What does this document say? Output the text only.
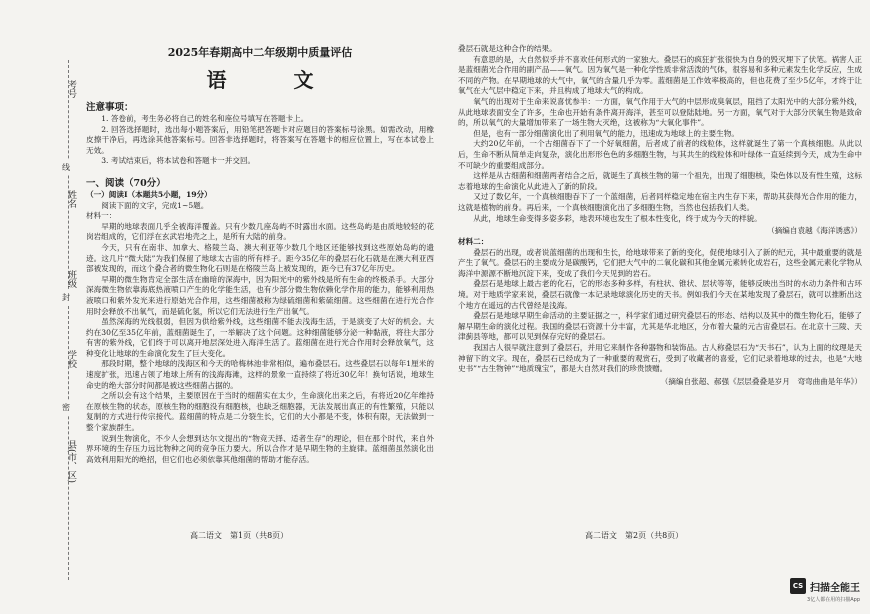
考号
姓名
班级
学校
县(市、区)
线
封
密

2025年春期高中二年级期中质量评估

语 文

注意事项：

1. 答卷前，考生务必将自己的姓名和座位号填写在答题卡上。

2. 回答选择题时，选出每小题答案后，用铅笔把答题卡对应题目的答案标号涂黑。如需改动，用橡皮擦干净后，再选涂其他答案标号。回答非选择题时，将答案写在答题卡的相应位置上，写在本试卷上无效。

3. 考试结束后，将本试卷和答题卡一并交回。

一、阅读（70分）

（一）阅读Ⅰ（本题共5小题，19分）

阅读下面的文字，完成1~5题。

材料一：

早期的地球表面几乎全被海洋覆盖。只有少数几座岛屿不时露出水面。这些岛屿是由质地较轻的花岗岩组成的，它们浮在玄武岩地壳之上，是所有大陆的前身。

今天，只有在南非、加拿大、格陵兰岛、澳大利亚等少数几个地区还能够找到这些原始岛屿的遗迹。这几片“微大陆”为我们保留了地球太古宙的所有样子。距今35亿年的叠层石化石就是在澳大利亚西部被发现的，而这个叠合者的微生物化石则是在格陵兰岛上被发现的，距今已有37亿年历史。

早期的微生物肯定全部生活在幽暗的深海中，因为阳光中的紫外线是所有生命的终极杀手。大部分深海微生物依靠海底热液喷口产生的化学能生活，也有少部分微生物依赖化学作用的能力，能够利用热液喷口和紫外发光来进行原始光合作用，这些细菌被称为绿硫细菌和紫硫细菌。这些细菌在进行光合作用时会释放不出氧气，而是硫化氢，所以它们无法进行生产出氧气。

虽然深海的光线很弱，但因为供给紫外线，这些细菌不能去浅海生活，于是演变了大好的机会。大约在30亿至35亿年前，蓝细菌诞生了，一举解决了这个问题。这种细菌能够分泌一种黏液，将往大部分有害的紫外线，它们终于可以离开地层深处进入海洋生活了。蓝细菌在进行光合作用时会释放氧气，这种变化让地球的生命演化发生了巨大变化。

那段时期，整个地球的浅海区和今天的哈梅林池非常相似，遍布叠层石。这些叠层石以每年1厘米的速度扩张，迅速占领了地球上所有的浅海海滩，这样的景象一直持续了将近30亿年！换句话说，地球生命史的绝大部分时间都是被这些细菌占据的。

之所以会有这个结果，主要原因在于当时的细菌实在太少，生命演化出来之后，有将近20亿年维持在原核生物的状态，原核生物的细胞没有细胞核，也缺乏细胞器，无法发展出真正的有性繁殖，只能以复制的方式进行传宗接代。蓝细菌的特点是二分裂生长，它们的大小都是不变，体积有限，无法做到一整个家族群生。

说到生物演化，不少人会想到达尔文提出的“物竞天择、适者生存”的理论，但在那个时代，来自外界环境的生存压力远比物种之间的竞争压力要大。所以合作才是早期生物的主旋律。蓝细菌虽然演化出高效利用阳光的绝招，但它们也必须依靠其他细菌的帮助才能存活。

高二语文　第1页（共8页）

叠层石就是这种合作的结果。

有意思的是，大自然似乎并不喜欢任何形式的一家独大。叠层石的疯狂扩张很快为自身的毁灭埋下了伏笔。祸害人正是蓝细菌光合作用的副产品——氧气。因为氧气是一种化学性质非常活泼的气体，很容易和多种元素发生化学反应，生成不同的产物。在早期地球的大气中，氧气的含量几乎为零。蓝细菌是工作效率极高的，但也花费了至少5亿年，才终于让氧气在大气层中稳定下来，并且构成了地球大气的构成。

氧气的出现对于生命来说喜忧参半：一方面，氧气作用于大气的中层形成臭氧层，阻挡了太阳光中的大部分紫外线，从此地球表面安全了许多，生命也开始有条件离开海洋，甚至可以登陆陆地。另一方面，氧气对于大部分厌氧生物是致命的，所以氧气的大量增加带来了一场生物大灭绝，这被称为“大氧化事件”。

但是，也有一部分细菌演化出了利用氧气的能力，迅速成为地球上的主要生物。

大约20亿年前，一个古细菌吞下了一个好氧细菌，后者成了前者的线粒体，这样就诞生了第一个真核细胞。从此以后，生命不断从简单走向复杂，演化出形形色色的多细胞生物，与其共生的线粒体和叶绿体一直延续到今天，成为生命中不可缺少的重要组成部分。

这样是从古细菌和细菌两者结合之后，就诞生了真核生物的第一个祖先，出现了细胞核，染色体以及有性生殖，这标志着地球的生命演化从此进入了新的阶段。

又过了数亿年，一个真核细胞吞下了一个蓝细菌，后者同样稳定地在宿主内生存下来，帮助其获得光合作用的能力，这就是植物的前身。再后来，一个真核细胞演化出了多细胞生物，当然也包括我们人类。

从此，地球生命变得多姿多彩，地表环境也发生了根本性变化，终于成为今天的样貌。

（摘编自袁越《海洋诱惑》）

材料二：

叠层石的出现，或者说蓝细菌的出现和生长，给地球带来了新的变化，促使地球引入了新的纪元，其中最重要的就是产生了氧气。叠层石的主要成分是碳酸钙，它们把大气中的二氧化碳和其他金属元素转化成岩石，这些金属元素化学物从海洋中源源不断地沉淀下来，变成了我们今天见到的岩石。

叠层石是地球上最古老的化石，它的形态多种多样，有柱状、锥状、层状等等，能够反映出当时的水动力条件和古环境。对于地质学家来说，叠层石就像一本记录地球演化历史的天书。例如我们今天在某地发现了叠层石，就可以推断出这个地方在遥远的古代曾经是浅海。

叠层石是地球早期生命活动的主要证据之一，科学家们通过研究叠层石的形态、结构以及其中的微生物化石，能够了解早期生命的演化过程。我国的叠层石资源十分丰富，尤其是华北地区，分布着大量的元古宙叠层石。在北京十三陵、天津蓟县等地，都可以见到保存完好的叠层石。

我国古人很早就注意到了叠层石，并用它来制作各种器物和装饰品。古人称叠层石为“天书石”，认为上面的纹理是天神留下的文字。现在，叠层石已经成为了一种重要的观赏石，受到了收藏者的喜爱，它们记录着地球的过去，也是“大地史书”“古生物钟”“地质瑰宝”，都是大自然对我们的珍贵馈赠。

（摘编自张超、郝强《层层叠叠是岁月　弯弯曲曲是年华》）

高二语文　第2页（共8页）
CS 扫描全能王
3亿人都在用的扫描App
